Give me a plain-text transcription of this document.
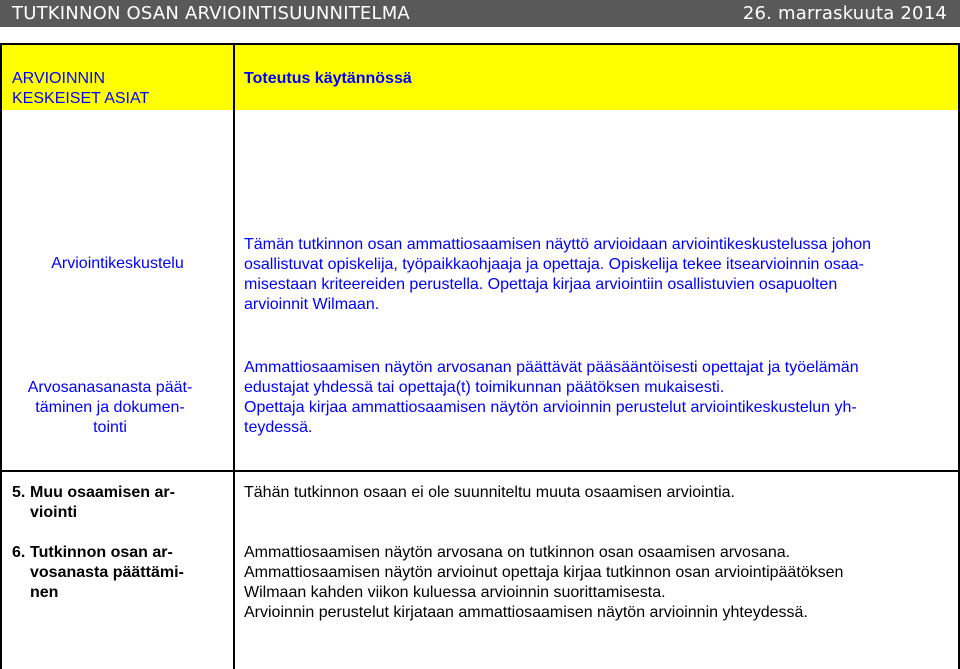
TUTKINNON OSAN ARVIOINTISUUNNITELMA	26. marraskuuta 2014
ARVIOINNIN
KESKEISET ASIAT
Toteutus käytännössä
Arviointikeskustelu
Tämän tutkinnon osan ammattiosaamisen näyttö arvioidaan arviointikeskustelussa johon
osallistuvat opiskelija, työpaikkaohjaaja ja opettaja. Opiskelija tekee itsearvioinnin osaa-
misestaan kriteereiden perustella. Opettaja kirjaa arviointiin osallistuvien osapuolten
arvioinnit Wilmaan.
Arvosanasanasta päät-
täminen ja dokumen-
tointi
Ammattiosaamisen näytön arvosanan päättävät pääsääntöisesti opettajat ja työelämän
edustajat yhdessä tai opettaja(t) toimikunnan päätöksen mukaisesti.
Opettaja kirjaa ammattiosaamisen näytön arvioinnin perustelut arviointikeskustelun yh-
teydessä.
5. Muu osaamisen ar-
viointi
Tähän tutkinnon osaan ei ole suunniteltu muuta osaamisen arviointia.
6. Tutkinnon osan ar-
vosanasta päättämi-
nen
Ammattiosaamisen näytön arvosana on tutkinnon osan osaamisen arvosana.
Ammattiosaamisen näytön arvioinut opettaja kirjaa tutkinnon osan arviointipäätöksen
Wilmaan kahden viikon kuluessa arvioinnin suorittamisesta.
Arvioinnin perustelut kirjataan ammattiosaamisen näytön arvioinnin yhteydessä.
